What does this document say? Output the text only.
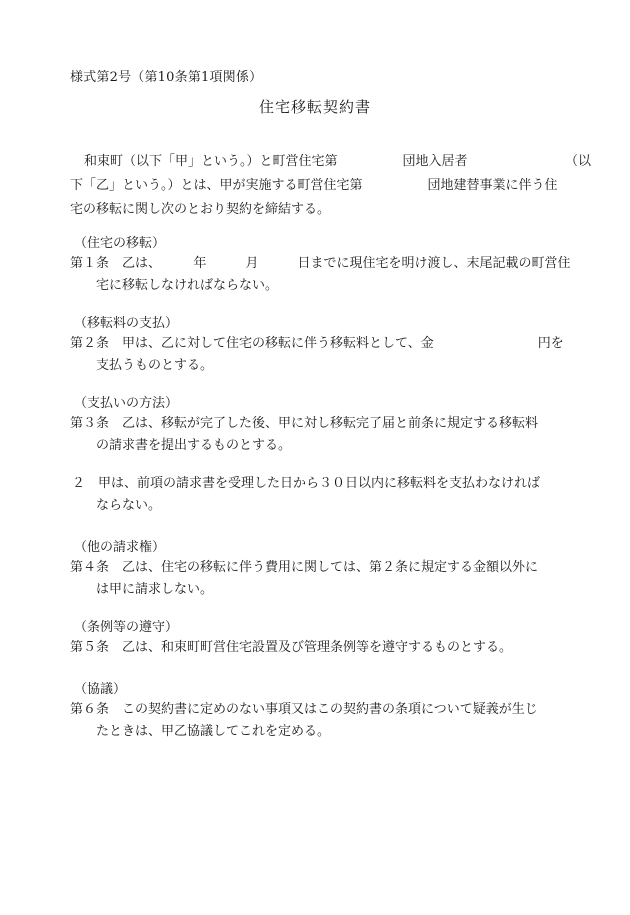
様式第2号（第10条第1項関係）
住宅移転契約書
和束町（以下「甲」という。）と町営住宅第　　　　　団地入居者　　　　　　　　（以
下「乙」という。）とは、甲が実施する町営住宅第　　　　　団地建替事業に伴う住
宅の移転に関し次のとおり契約を締結する。
（住宅の移転）
第１条　乙は、　　　年　　　月　　　日までに現住宅を明け渡し、末尾記載の町営住
宅に移転しなければならない。
（移転料の支払）
第２条　甲は、乙に対して住宅の移転に伴う移転料として、金　　　　　　　　円を
支払うものとする。
（支払いの方法）
第３条　乙は、移転が完了した後、甲に対し移転完了届と前条に規定する移転料
の請求書を提出するものとする。
２　甲は、前項の請求書を受理した日から３０日以内に移転料を支払わなければ
ならない。
（他の請求権）
第４条　乙は、住宅の移転に伴う費用に関しては、第２条に規定する金額以外に
は甲に請求しない。
（条例等の遵守）
第５条　乙は、和束町町営住宅設置及び管理条例等を遵守するものとする。
（協議）
第６条　この契約書に定めのない事項又はこの契約書の条項について疑義が生じ
たときは、甲乙協議してこれを定める。
